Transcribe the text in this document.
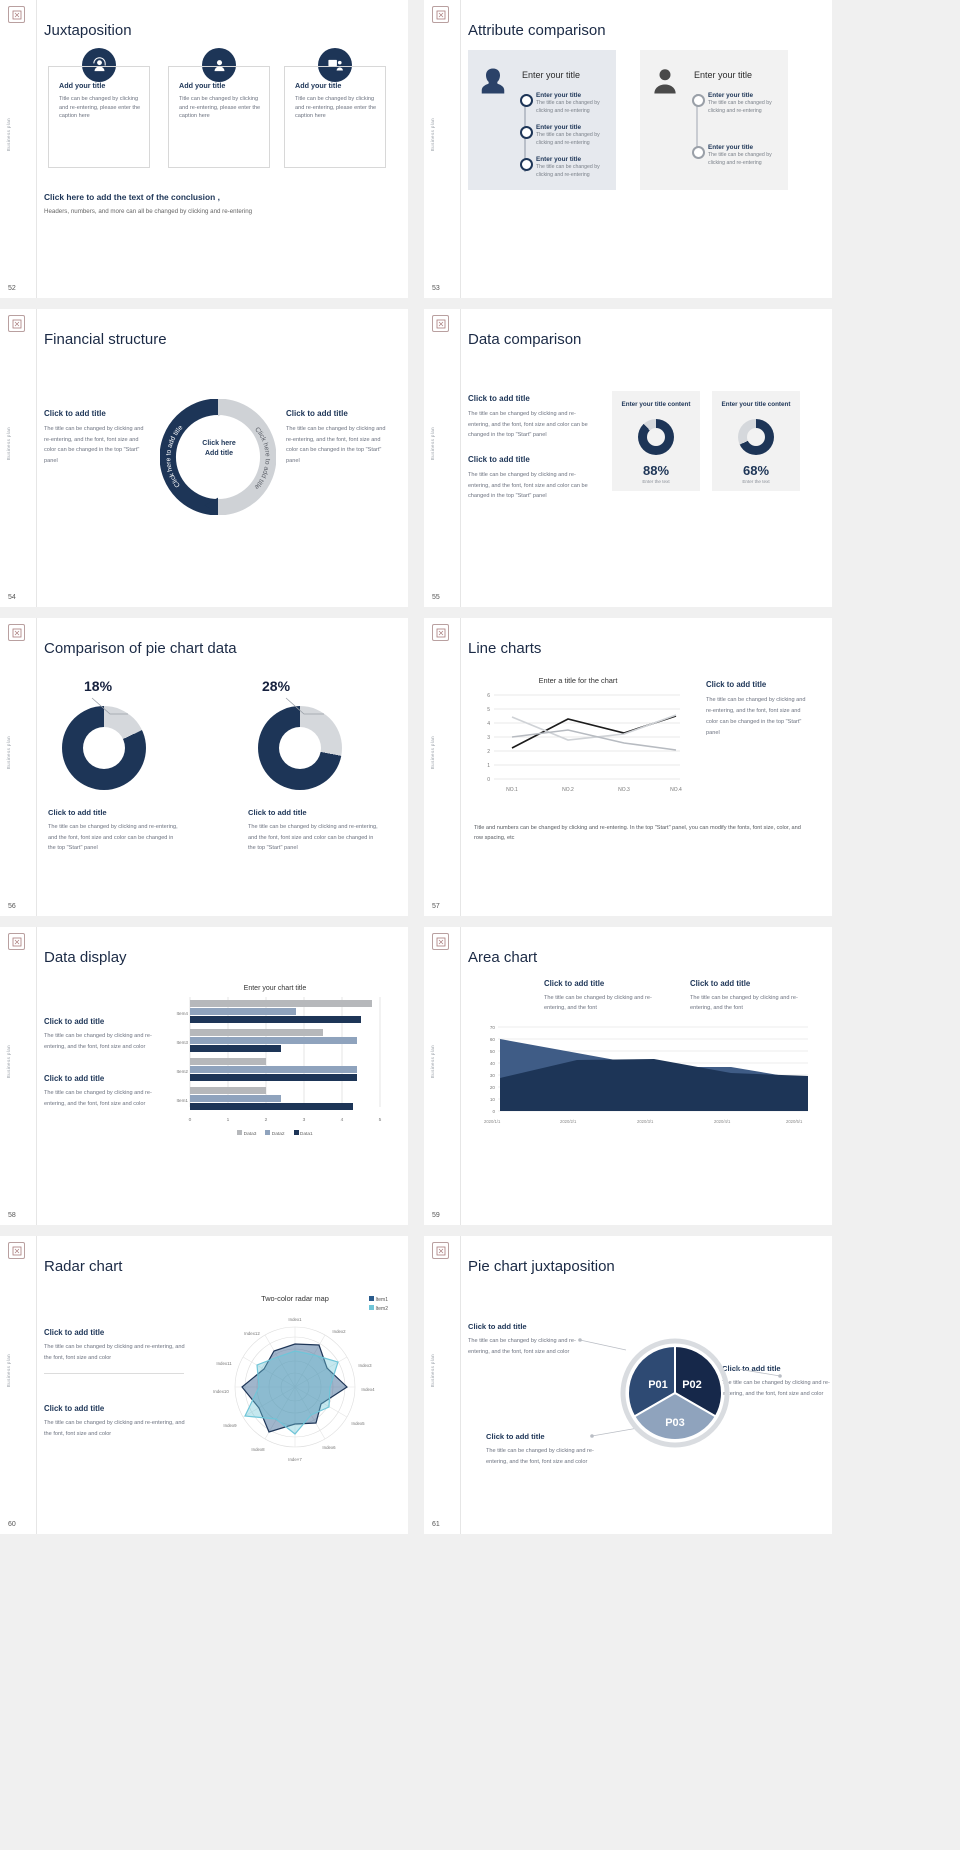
Business plan
52
Juxtaposition
Add your title
Title can be changed by clicking and re-entering, please enter the caption here
Add your title
Title can be changed by clicking and re-entering, please enter the caption here
Add your title
Title can be changed by clicking and re-entering, please enter the caption here
Click here to add the text of the conclusion ,
Headers, numbers, and more can all be changed by clicking and re-entering
Business plan
53
Attribute comparison
Enter your title
Enter your title
The title can be changed by clicking and re-entering
Enter your title
The title can be changed by clicking and re-entering
Enter your title
The title can be changed by clicking and re-entering
Enter your title
Enter your title
The title can be changed by clicking and re-entering
Enter your title
The title can be changed by clicking and re-entering
Business plan
54
Financial structure
Click to add title
The title can be changed by clicking and re-entering, and the font, font size and color can be changed in the top "Start" panel
Click to add title
The title can be changed by clicking and re-entering, and the font, font size and color can be changed in the top "Start" panel
Click here to add title	Click here to add title
Click here
Add title	Business plan
55
Data comparison
Click to add title
The title can be changed by clicking and re-entering, and the font, font size and color can be changed in the top "Start" panel
Click to add title
The title can be changed by clicking and re-entering, and the font, font size and color can be changed in the top "Start" panel
Enter your title content
88%
Enter the text
Enter your title content
68%
Enter the text
Business plan
56
Comparison of pie chart data
18%	28%
Click to add title
The title can be changed by clicking and re-entering, and the font, font size and color can be changed in the top "Start" panel
Click to add title
The title can be changed by clicking and re-entering, and the font, font size and color can be changed in the top "Start" panel
Business plan
57
Line charts
Enter a title for the chart
6
5
4
3
2
1
0
NO.1	NO.2	NO.3	NO.4
Click to add title
The title can be changed by clicking and re-entering, and the font, font size and color can be changed in the top "Start" panel
Title and numbers can be changed by clicking and re-entering. In the top "Start" panel, you can modify the fonts, font size, color, and row spacing, etc
Business plan
58
Data display
Click to add title
The title can be changed by clicking and re-entering, and the font, font size and color
Click to add title
The title can be changed by clicking and re-entering, and the font, font size and color
Enter your chart title
Item4
Item3
Item2
Item1
0	1	2	3	4	5
Data3	Data2	Data1
Business plan
59
Area chart
Click to add title
The title can be changed by clicking and re-entering, and the font
Click to add title
The title can be changed by clicking and re-entering, and the font
70
60
50
40
30
20
10
0
2020/1/1	2020/2/1	2020/3/1	2020/4/1	2020/5/1
Business plan
60
Radar chart
Click to add title
The title can be changed by clicking and re-entering, and the font, font size and color
Click to add title
The title can be changed by clicking and re-entering, and the font, font size and color
Two-color radar map	Item1
Item2
Index1
Index2
Index3
Index4
Index5
Index6
Inde×7
Index8
Index9
Index10
Index11
Index12
Business plan
61
Pie chart juxtaposition
Click to add title
The title can be changed by clicking and re-entering, and the font, font size and color
Click to add title
The title can be changed by clicking and re-entering, and the font, font size and color
Click to add title
The title can be changed by clicking and re-entering, and the font, font size and color
P01 P02
P03
